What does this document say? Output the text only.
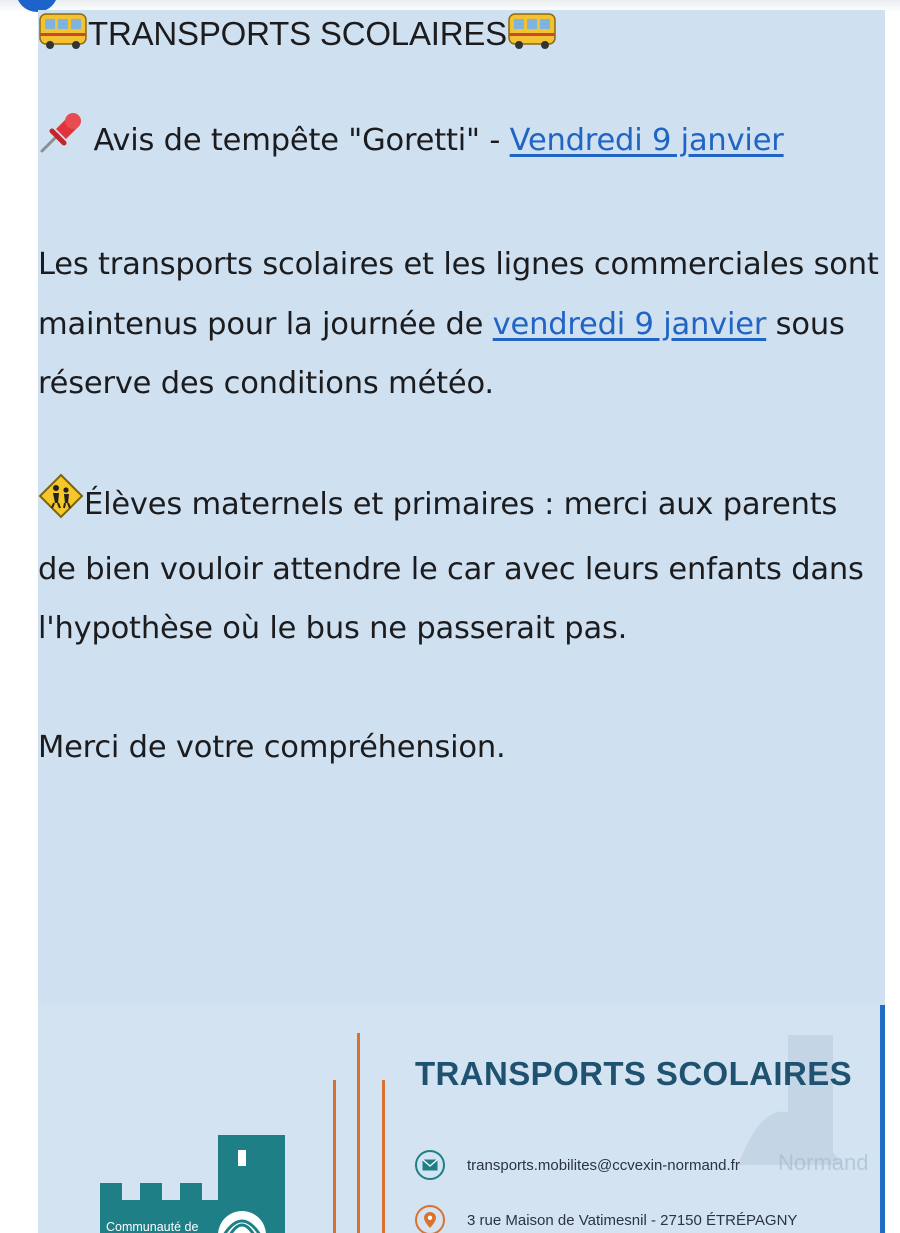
TRANSPORTS SCOLAIRES

Avis de tempête "Goretti" - Vendredi 9 janvier

Les transports scolaires et les lignes commerciales sont maintenus pour la journée de vendredi 9 janvier sous réserve des conditions météo.

Élèves maternels et primaires : merci aux parents de bien vouloir attendre le car avec leurs enfants dans l'hypothèse où le bus ne passerait pas.

Merci de votre compréhension.

Normand
TRANSPORTS SCOLAIRES
transports.mobilites@ccvexin-normand.fr
3 rue Maison de Vatimesnil - 27150 ÉTRÉPAGNY
Communauté de
